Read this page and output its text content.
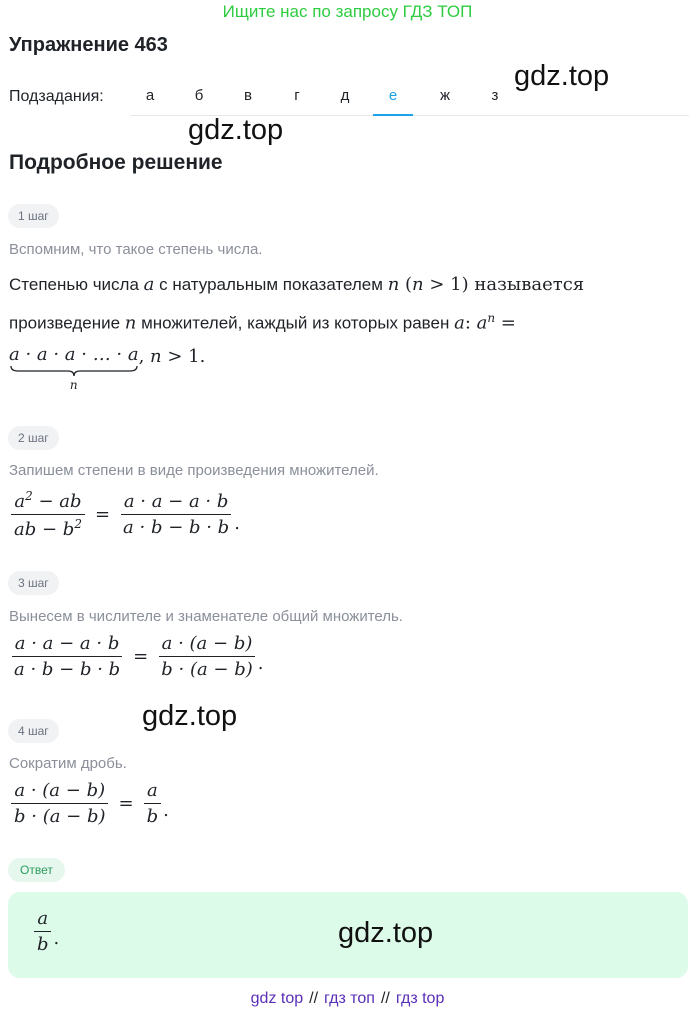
Ищите нас по запросу ГДЗ ТОП
Упражнение 463
Подзадания:	а	б	в	г	д	е	ж	з
gdz.top
gdz.top
Подробное решение
1 шаг
Вспомним, что такое степень числа.
Степенью числа a с натуральным показателем n (n > 1) называется
произведение n множителей, каждый из которых равен a: $a^n$ =
a · a · a · … · a
n
, n > 1.
2 шаг
Запишем степени в виде произведения множителей.
$\frac{a^2 - ab}{ab - b^2} = \frac{a \cdot a - a \cdot b}{a \cdot b - b \cdot b}$ .
3 шаг
Вынесем в числителе и знаменателе общий множитель.
$\frac{a \cdot a - a \cdot b}{a \cdot b - b \cdot b} = \frac{a \cdot (a - b)}{b \cdot (a - b)}$ .
gdz.top
4 шаг
Сократим дробь.
$\frac{a \cdot (a - b)}{b \cdot (a - b)} = \frac{a}{b}$ .
Ответ
$\frac{a}{b}$ .	gdz.top
gdz top // гдз топ // гдз top
